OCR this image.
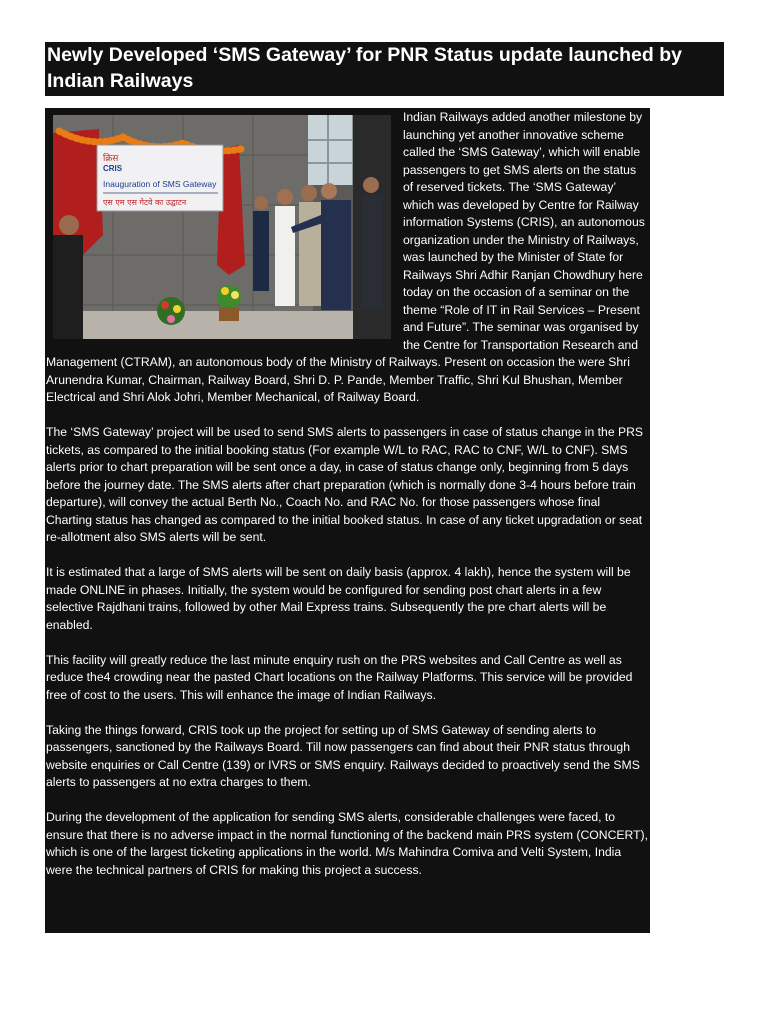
Newly Developed ‘SMS Gateway’ for PNR Status update launched by Indian Railways
क्रिस
CRIS
Inauguration of SMS Gateway
एस एम एस गेटवे का उद्घाटन

Indian Railways added another milestone by launching yet another innovative scheme called the ‘SMS Gateway’, which will enable passengers to get SMS alerts on the status of reserved tickets. The ‘SMS Gateway’ which was developed by Centre for Railway information Systems (CRIS), an autonomous organization under the Ministry of Railways, was launched by the Minister of State for Railways Shri Adhir Ranjan Chowdhury here today on the occasion of a seminar on the theme “Role of IT in Rail Services – Present and Future”. The seminar was organised by the Centre for Transportation Research and Management (CTRAM), an autonomous body of the Ministry of Railways. Present on occasion the were Shri Arunendra Kumar, Chairman, Railway Board, Shri D. P. Pande, Member Traffic, Shri Kul Bhushan, Member Electrical and Shri Alok Johri, Member Mechanical, of Railway Board.

The ‘SMS Gateway’ project will be used to send SMS alerts to passengers in case of status change in the PRS tickets, as compared to the initial booking status (For example W/L to RAC, RAC to CNF, W/L to CNF). SMS alerts prior to chart preparation will be sent once a day, in case of status change only, beginning from 5 days before the journey date. The SMS alerts after chart preparation (which is normally done 3-4 hours before train departure), will convey the actual Berth No., Coach No. and RAC No. for those passengers whose final Charting status has changed as compared to the initial booked status. In case of any ticket upgradation or seat re-allotment also SMS alerts will be sent.

It is estimated that a large of SMS alerts will be sent on daily basis (approx. 4 lakh), hence the system will be made ONLINE in phases. Initially, the system would be configured for sending post chart alerts in a few selective Rajdhani trains, followed by other Mail Express trains. Subsequently the pre chart alerts will be enabled.

This facility will greatly reduce the last minute enquiry rush on the PRS websites and Call Centre as well as reduce the4 crowding near the pasted Chart locations on the Railway Platforms. This service will be provided free of cost to the users. This will enhance the image of Indian Railways.

Taking the things forward, CRIS took up the project for setting up of SMS Gateway of sending alerts to passengers, sanctioned by the Railways Board. Till now passengers can find about their PNR status through website enquiries or Call Centre (139) or IVRS or SMS enquiry. Railways decided to proactively send the SMS alerts to passengers at no extra charges to them.

During the development of the application for sending SMS alerts, considerable challenges were faced, to ensure that there is no adverse impact in the normal functioning of the backend main PRS system (CONCERT), which is one of the largest ticketing applications in the world. M/s Mahindra Comiva and Velti System, India were the technical partners of CRIS for making this project a success.
